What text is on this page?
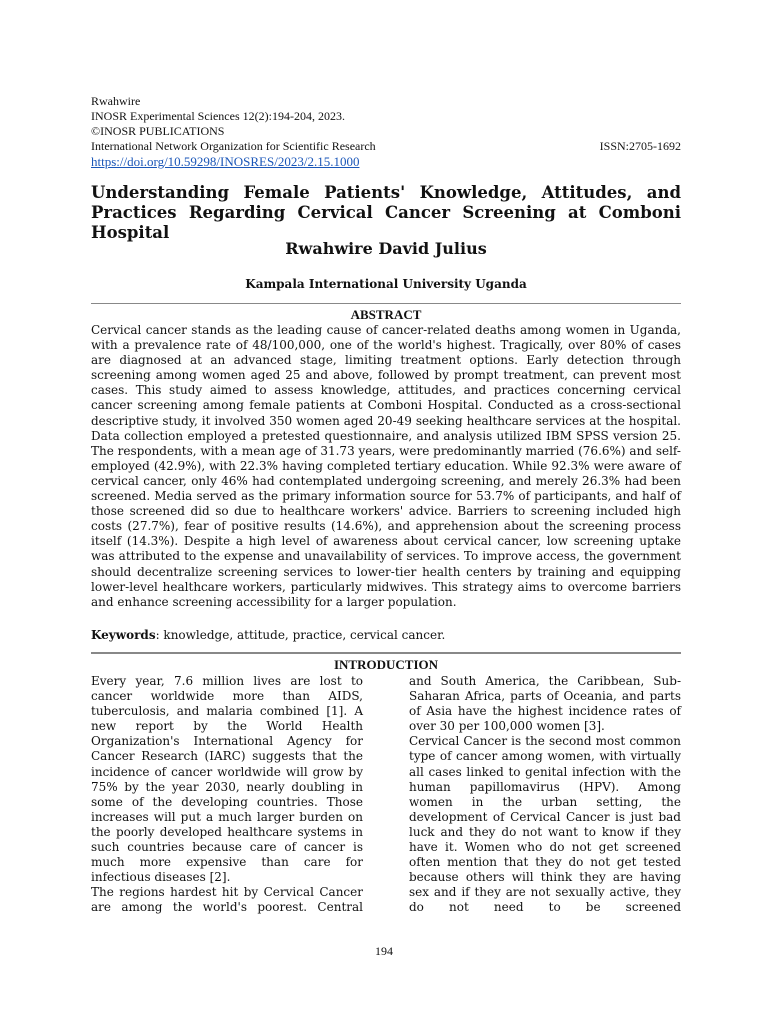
Rwahwire
INOSR Experimental Sciences 12(2):194-204, 2023.
©INOSR PUBLICATIONS
International Network Organization for Scientific Research	ISSN:2705-1692
https://doi.org/10.59298/INOSRES/2023/2.15.1000
Understanding Female Patients' Knowledge, Attitudes, and Practices Regarding Cervical Cancer Screening at Comboni Hospital
Rwahwire David Julius
Kampala International University Uganda
ABSTRACT
Cervical cancer stands as the leading cause of cancer-related deaths among women in Uganda, with a prevalence rate of 48/100,000, one of the world's highest. Tragically, over 80% of cases are diagnosed at an advanced stage, limiting treatment options. Early detection through screening among women aged 25 and above, followed by prompt treatment, can prevent most cases. This study aimed to assess knowledge, attitudes, and practices concerning cervical cancer screening among female patients at Comboni Hospital. Conducted as a cross-sectional descriptive study, it involved 350 women aged 20-49 seeking healthcare services at the hospital. Data collection employed a pretested questionnaire, and analysis utilized IBM SPSS version 25. The respondents, with a mean age of 31.73 years, were predominantly married (76.6%) and self-employed (42.9%), with 22.3% having completed tertiary education. While 92.3% were aware of cervical cancer, only 46% had contemplated undergoing screening, and merely 26.3% had been screened. Media served as the primary information source for 53.7% of participants, and half of those screened did so due to healthcare workers' advice. Barriers to screening included high costs (27.7%), fear of positive results (14.6%), and apprehension about the screening process itself (14.3%). Despite a high level of awareness about cervical cancer, low screening uptake was attributed to the expense and unavailability of services. To improve access, the government should decentralize screening services to lower-tier health centers by training and equipping lower-level healthcare workers, particularly midwives. This strategy aims to overcome barriers and enhance screening accessibility for a larger population.
Keywords: knowledge, attitude, practice, cervical cancer.
INTRODUCTION

Every year, 7.6 million lives are lost to cancer worldwide more than AIDS, tuberculosis, and malaria combined [1]. A new report by the World Health Organization's International Agency for Cancer Research (IARC) suggests that the incidence of cancer worldwide will grow by 75% by the year 2030, nearly doubling in some of the developing countries. Those increases will put a much larger burden on the poorly developed healthcare systems in such countries because care of cancer is much more expensive than care for infectious diseases [2].

The regions hardest hit by Cervical Cancer are among the world's poorest. Central

and South America, the Caribbean, Sub-Saharan Africa, parts of Oceania, and parts of Asia have the highest incidence rates of over 30 per 100,000 women [3].

Cervical Cancer is the second most common type of cancer among women, with virtually all cases linked to genital infection with the human papillomavirus (HPV). Among women in the urban setting, the development of Cervical Cancer is just bad luck and they do not want to know if they have it. Women who do not get screened often mention that they do not get tested because others will think they are having sex and if they are not sexually active, they do not need to be screened

194
